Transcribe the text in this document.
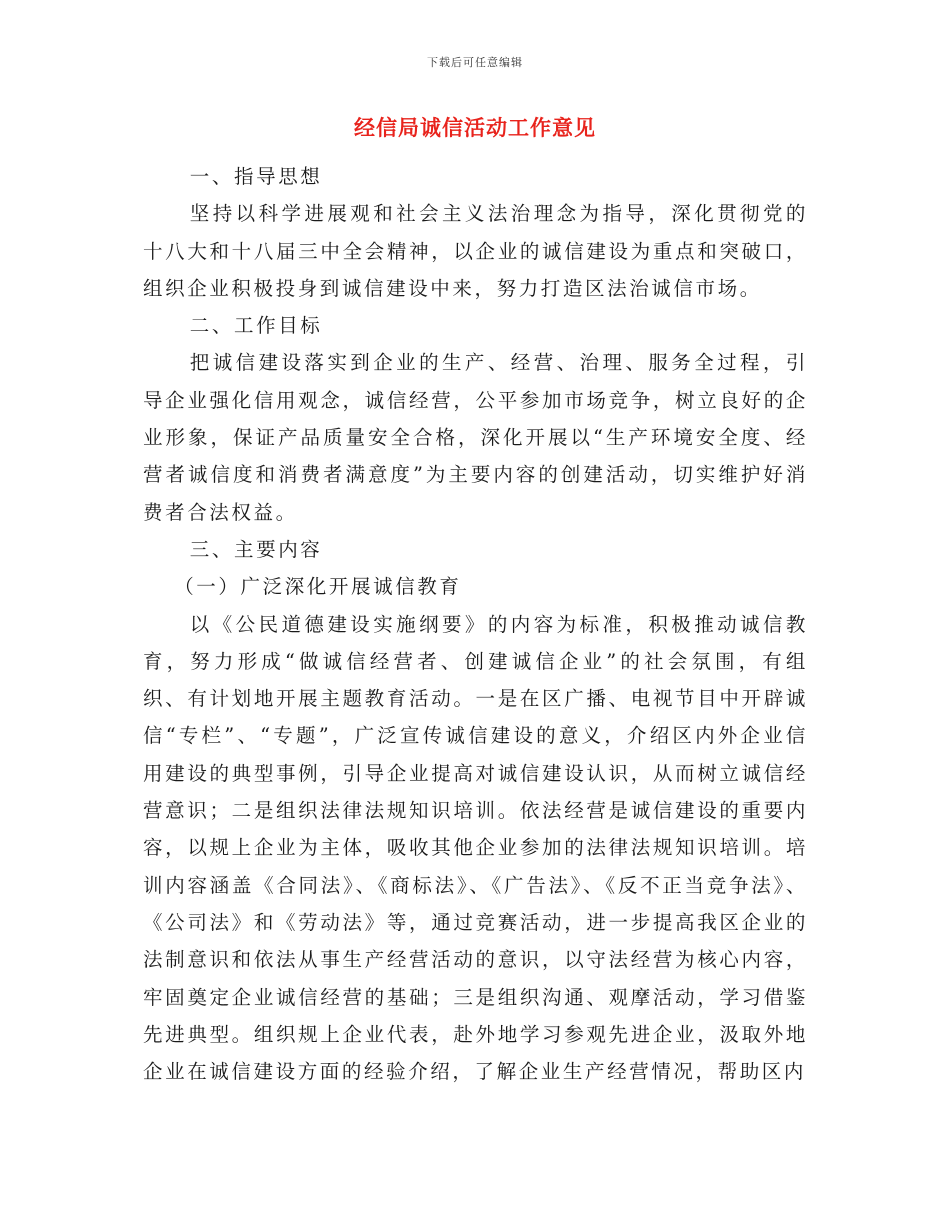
下载后可任意编辑
经信局诚信活动工作意见

一、指导思想

坚持以科学进展观和社会主义法治理念为指导，深化贯彻党的十八大和十八届三中全会精神，以企业的诚信建设为重点和突破口，组织企业积极投身到诚信建设中来，努力打造区法治诚信市场。

二、工作目标

把诚信建设落实到企业的生产、经营、治理、服务全过程，引导企业强化信用观念，诚信经营，公平参加市场竞争，树立良好的企业形象，保证产品质量安全合格，深化开展以“生产环境安全度、经营者诚信度和消费者满意度”为主要内容的创建活动，切实维护好消费者合法权益。

三、主要内容

（一）广泛深化开展诚信教育

以《公民道德建设实施纲要》的内容为标准，积极推动诚信教育，努力形成“做诚信经营者、创建诚信企业”的社会氛围，有组织、有计划地开展主题教育活动。一是在区广播、电视节目中开辟诚信“专栏”、“专题”，广泛宣传诚信建设的意义，介绍区内外企业信用建设的典型事例，引导企业提高对诚信建设认识，从而树立诚信经营意识；二是组织法律法规知识培训。依法经营是诚信建设的重要内容，以规上企业为主体，吸收其他企业参加的法律法规知识培训。培训内容涵盖《合同法》、《商标法》、《广告法》、《反不正当竞争法》、《公司法》和《劳动法》等，通过竞赛活动，进一步提高我区企业的法制意识和依法从事生产经营活动的意识，以守法经营为核心内容，牢固奠定企业诚信经营的基础；三是组织沟通、观摩活动，学习借鉴先进典型。组织规上企业代表，赴外地学习参观先进企业，汲取外地企业在诚信建设方面的经验介绍，了解企业生产经营情况，帮助区内
